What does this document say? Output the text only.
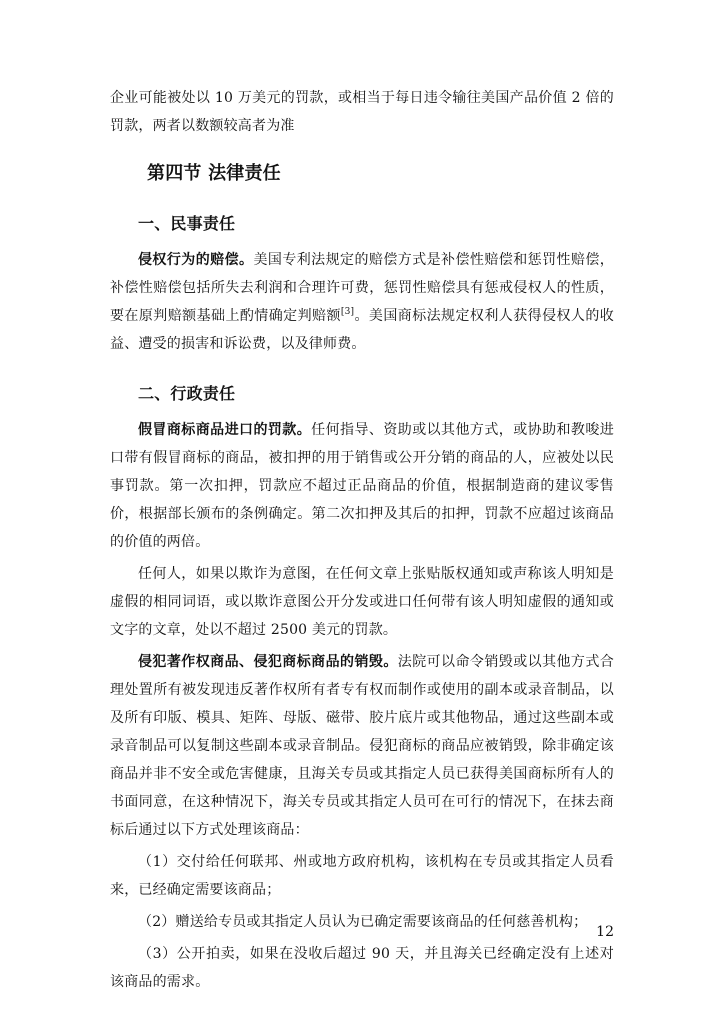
企业可能被处以 10 万美元的罚款，或相当于每日违令输往美国产品价值 2 倍的罚款，两者以数额较高者为准

第四节 法律责任
一、民事责任

侵权行为的赔偿。美国专利法规定的赔偿方式是补偿性赔偿和惩罚性赔偿，补偿性赔偿包括所失去利润和合理许可费，惩罚性赔偿具有惩戒侵权人的性质，要在原判赔额基础上酌情确定判赔额[3]。美国商标法规定权利人获得侵权人的收益、遭受的损害和诉讼费，以及律师费。

二、行政责任

假冒商标商品进口的罚款。任何指导、资助或以其他方式，或协助和教唆进口带有假冒商标的商品，被扣押的用于销售或公开分销的商品的人，应被处以民事罚款。第一次扣押，罚款应不超过正品商品的价值，根据制造商的建议零售价，根据部长颁布的条例确定。第二次扣押及其后的扣押，罚款不应超过该商品的价值的两倍。

任何人，如果以欺诈为意图，在任何文章上张贴版权通知或声称该人明知是虚假的相同词语，或以欺诈意图公开分发或进口任何带有该人明知虚假的通知或文字的文章，处以不超过 2500 美元的罚款。

侵犯著作权商品、侵犯商标商品的销毁。法院可以命令销毁或以其他方式合理处置所有被发现违反著作权所有者专有权而制作或使用的副本或录音制品，以及所有印版、模具、矩阵、母版、磁带、胶片底片或其他物品，通过这些副本或录音制品可以复制这些副本或录音制品。侵犯商标的商品应被销毁，除非确定该商品并非不安全或危害健康，且海关专员或其指定人员已获得美国商标所有人的书面同意，在这种情况下，海关专员或其指定人员可在可行的情况下，在抹去商标后通过以下方式处理该商品：

（1）交付给任何联邦、州或地方政府机构，该机构在专员或其指定人员看来，已经确定需要该商品；

（2）赠送给专员或其指定人员认为已确定需要该商品的任何慈善机构；

（3）公开拍卖，如果在没收后超过 90 天，并且海关已经确定没有上述对该商品的需求。

12
